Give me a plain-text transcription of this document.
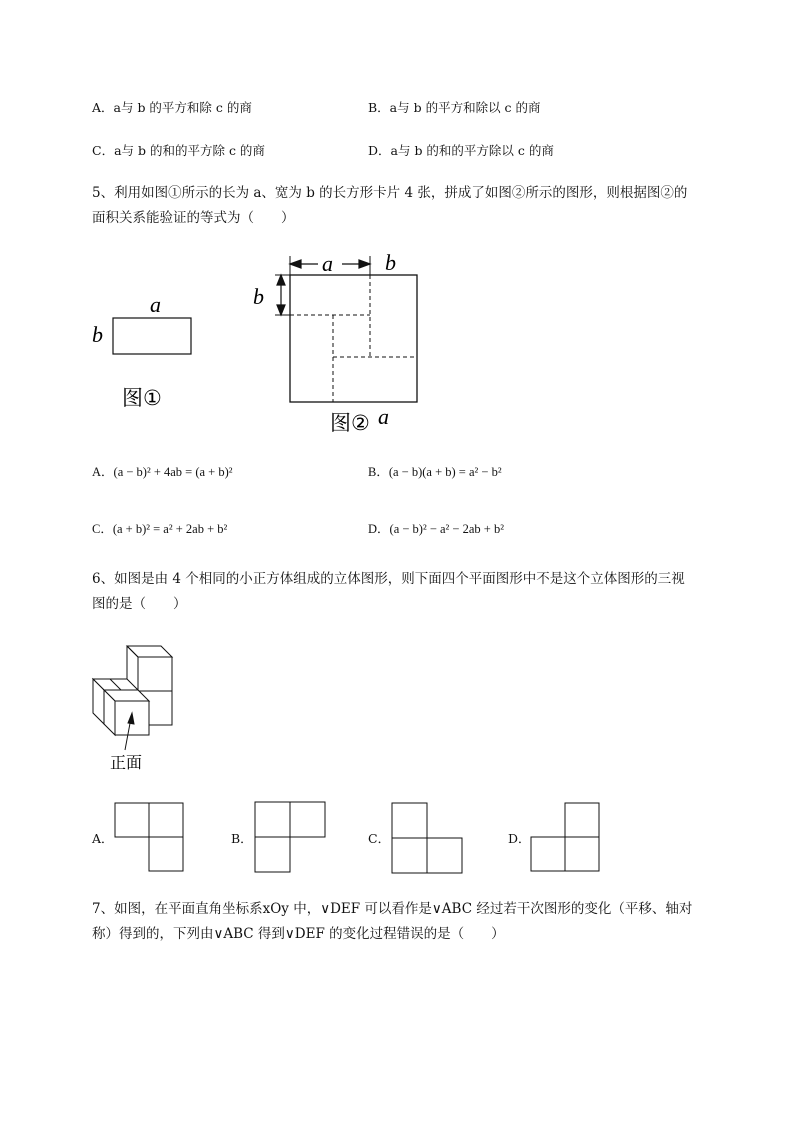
A．a与 b 的平方和除 c 的商	B．a与 b 的平方和除以 c 的商
C．a与 b 的和的平方除 c 的商	D．a与 b 的和的平方除以 c 的商
5、利用如图①所示的长为 a、宽为 b 的长方形卡片 4 张，拼成了如图②所示的图形，则根据图②的
面积关系能验证的等式为（　　）
a
b
图①
a b
b
图② a
A．(a − b)² + 4ab = (a + b)²	B．(a − b)(a + b) = a² − b²
C．(a + b)² = a² + 2ab + b²	D．(a − b)² − a² − 2ab + b²
6、如图是由 4 个相同的小正方体组成的立体图形，则下面四个平面图形中不是这个立体图形的三视
图的是（　　）
正面
A．	B．	C．	D．
7、如图，在平面直角坐标系xOy 中，∨DEF 可以看作是∨ABC 经过若干次图形的变化（平移、轴对
称）得到的，下列由∨ABC 得到∨DEF 的变化过程错误的是（　　）
